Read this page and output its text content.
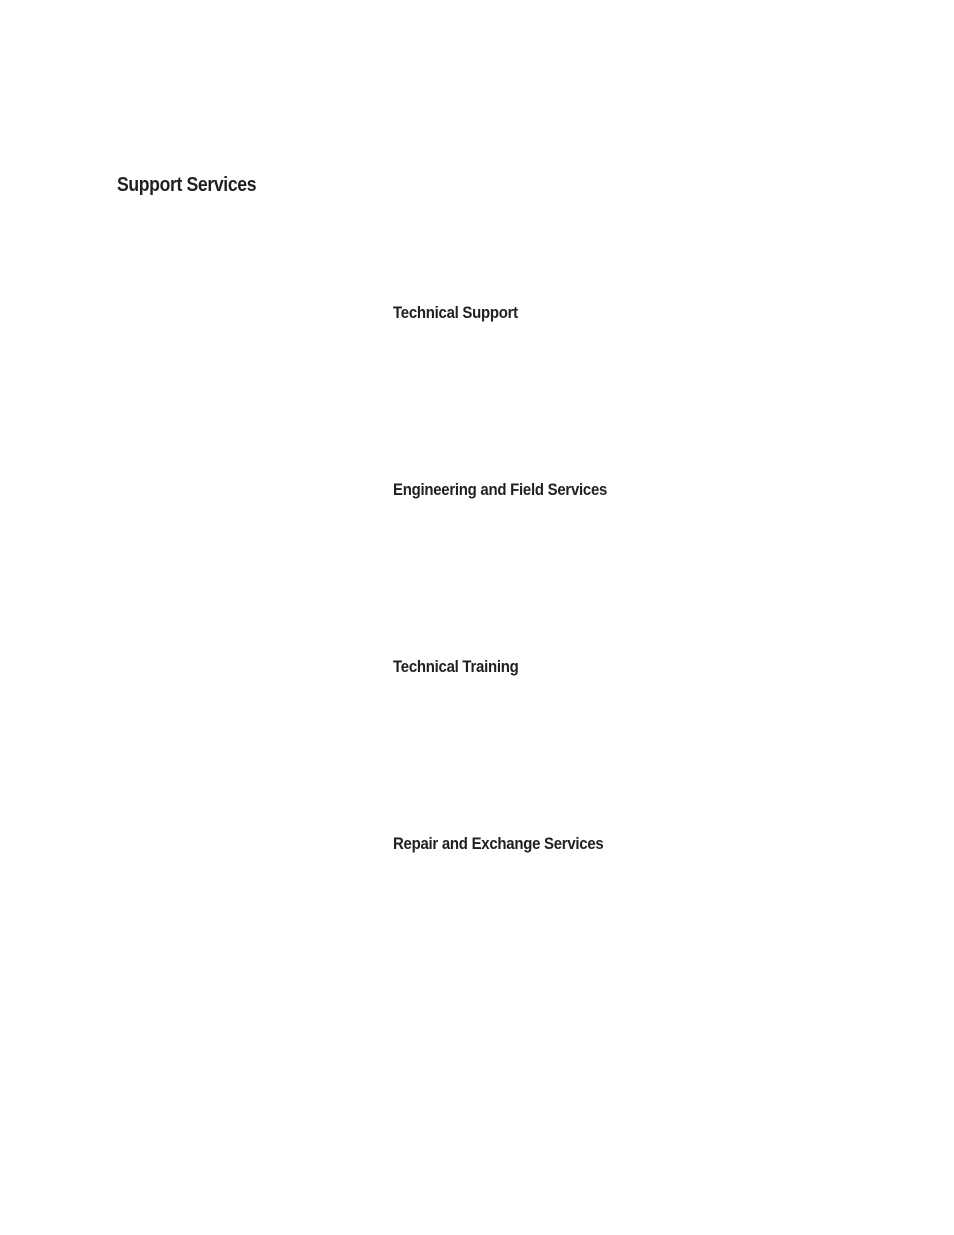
Support Services
Technical Support
Engineering and Field Services
Technical Training
Repair and Exchange Services
